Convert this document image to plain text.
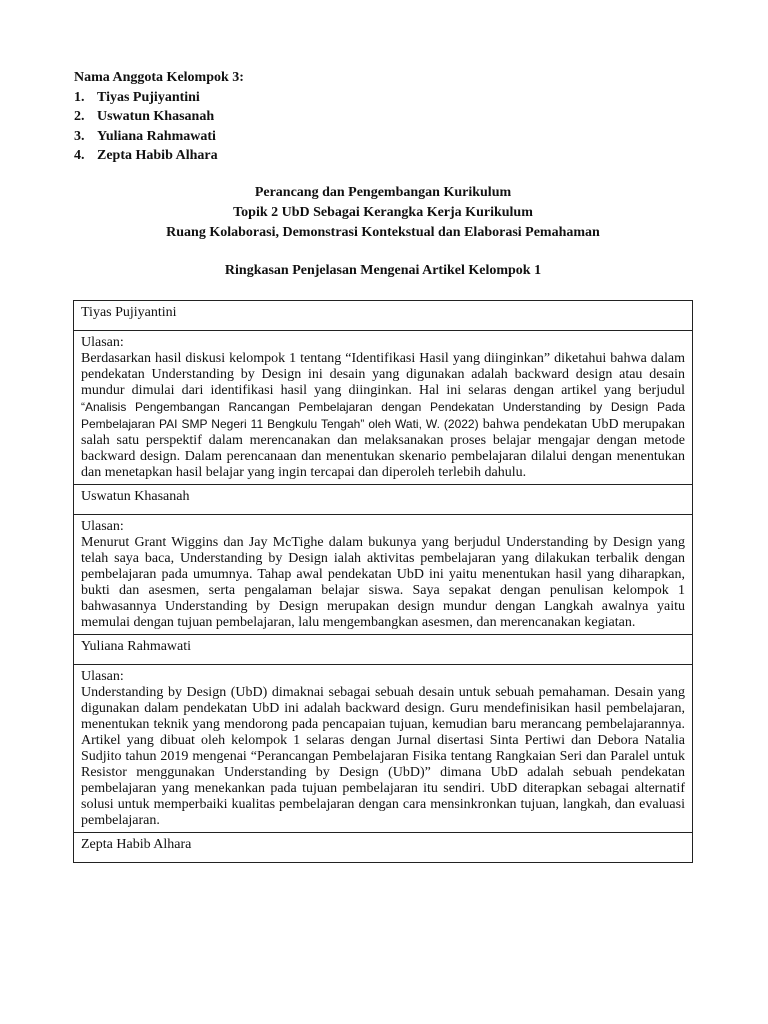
Nama Anggota Kelompok 3:

1. Tiyas Pujiyantini
2. Uswatun Khasanah
3. Yuliana Rahmawati
4. Zepta Habib Alhara
Perancang dan Pengembangan Kurikulum
Topik 2 UbD Sebagai Kerangka Kerja Kurikulum
Ruang Kolaborasi, Demonstrasi Kontekstual dan Elaborasi Pemahaman
Ringkasan Penjelasan Mengenai Artikel Kelompok 1
Tiyas Pujiyantini

Ulasan:
Berdasarkan hasil diskusi kelompok 1 tentang “Identifikasi Hasil yang diinginkan” diketahui bahwa dalam pendekatan Understanding by Design ini desain yang digunakan adalah backward design atau desain mundur dimulai dari identifikasi hasil yang diinginkan. Hal ini selaras dengan artikel yang berjudul “Analisis Pengembangan Rancangan Pembelajaran dengan Pendekatan Understanding by Design Pada Pembelajaran PAI SMP Negeri 11 Bengkulu Tengah” oleh Wati, W. (2022) bahwa pendekatan UbD merupakan salah satu perspektif dalam merencanakan dan melaksanakan proses belajar mengajar dengan metode backward design. Dalam perencanaan dan menentukan skenario pembelajaran dilalui dengan menentukan dan menetapkan hasil belajar yang ingin tercapai dan diperoleh terlebih dahulu.

Uswatun Khasanah

Ulasan:
Menurut Grant Wiggins dan Jay McTighe dalam bukunya yang berjudul Understanding by Design yang telah saya baca, Understanding by Design ialah aktivitas pembelajaran yang dilakukan terbalik dengan pembelajaran pada umumnya. Tahap awal pendekatan UbD ini yaitu menentukan hasil yang diharapkan, bukti dan asesmen, serta pengalaman belajar siswa. Saya sepakat dengan penulisan kelompok 1 bahwasannya Understanding by Design merupakan design mundur dengan Langkah awalnya yaitu memulai dengan tujuan pembelajaran, lalu mengembangkan asesmen, dan merencanakan kegiatan.

Yuliana Rahmawati

Ulasan:
Understanding by Design (UbD) dimaknai sebagai sebuah desain untuk sebuah pemahaman. Desain yang digunakan dalam pendekatan UbD ini adalah backward design. Guru mendefinisikan hasil pembelajaran, menentukan teknik yang mendorong pada pencapaian tujuan, kemudian baru merancang pembelajarannya. Artikel yang dibuat oleh kelompok 1 selaras dengan Jurnal disertasi Sinta Pertiwi dan Debora Natalia Sudjito tahun 2019 mengenai “Perancangan Pembelajaran Fisika tentang Rangkaian Seri dan Paralel untuk Resistor menggunakan Understanding by Design (UbD)” dimana UbD adalah sebuah pendekatan pembelajaran yang menekankan pada tujuan pembelajaran itu sendiri. UbD diterapkan sebagai alternatif solusi untuk memperbaiki kualitas pembelajaran dengan cara mensinkronkan tujuan, langkah, dan evaluasi pembelajaran.

Zepta Habib Alhara
